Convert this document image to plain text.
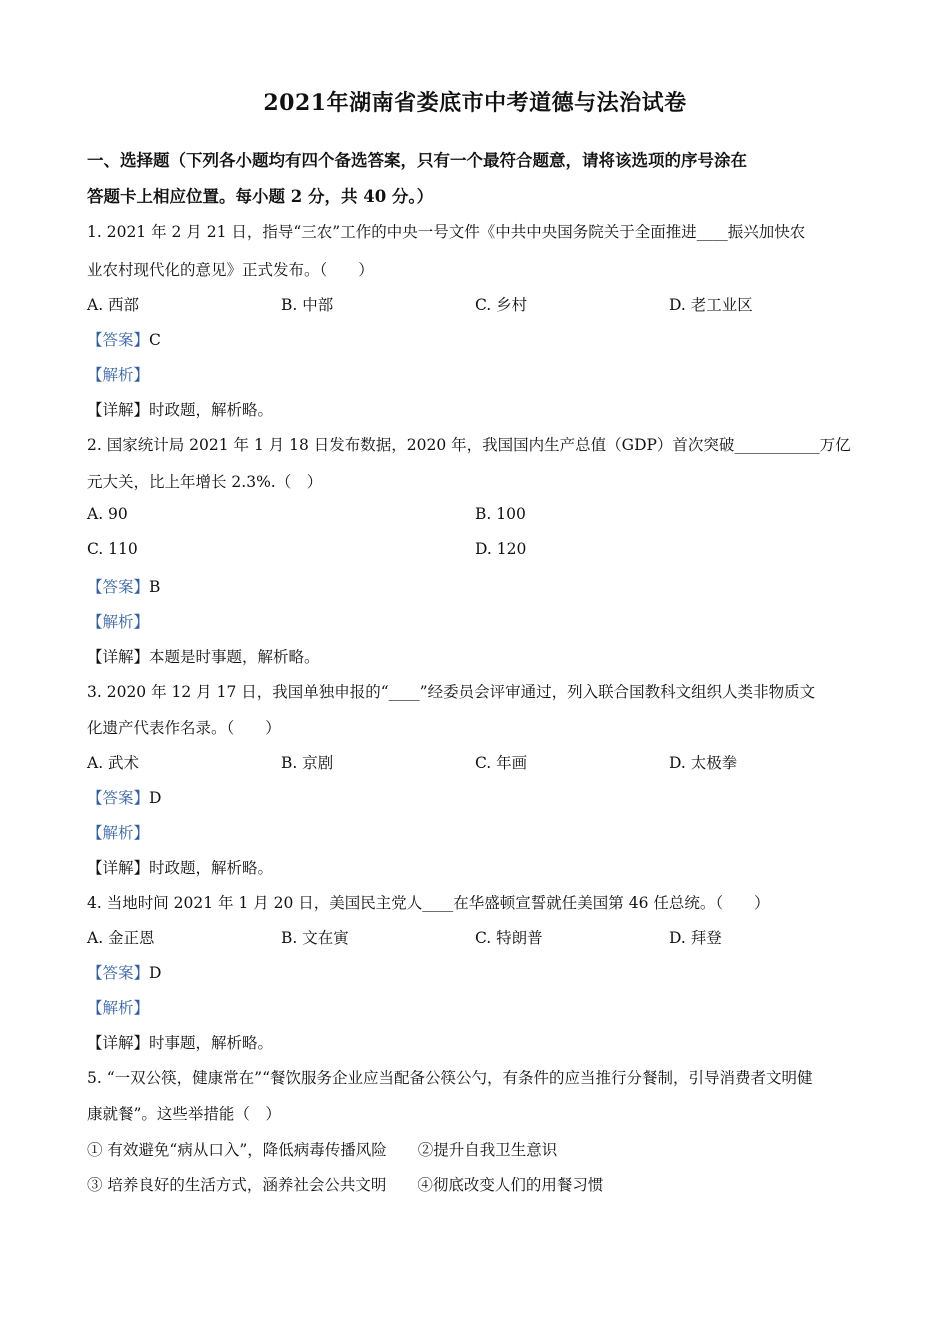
2021年湖南省娄底市中考道德与法治试卷
一、选择题（下列各小题均有四个备选答案，只有一个最符合题意，请将该选项的序号涂在
答题卡上相应位置。每小题 2 分，共 40 分。）
1. 2021 年 2 月 21 日，指导“三农”工作的中央一号文件《中共中央国务院关于全面推进____振兴加快农
业农村现代化的意见》正式发布。（　　）
A. 西部	B. 中部	C. 乡村	D. 老工业区
【答案】C
【解析】
【详解】时政题，解析略。
2. 国家统计局 2021 年 1 月 18 日发布数据，2020 年，我国国内生产总值（GDP）首次突破___________万亿
元大关，比上年增长 2.3%.（　）
A. 90	B. 100
C. 110	D. 120
【答案】B
【解析】
【详解】本题是时事题，解析略。
3. 2020 年 12 月 17 日，我国单独申报的“____”经委员会评审通过，列入联合国教科文组织人类非物质文
化遗产代表作名录。（　　）
A. 武术	B. 京剧	C. 年画	D. 太极拳
【答案】D
【解析】
【详解】时政题，解析略。
4. 当地时间 2021 年 1 月 20 日，美国民主党人____在华盛顿宣誓就任美国第 46 任总统。（　　）
A. 金正恩	B. 文在寅	C. 特朗普	D. 拜登
【答案】D
【解析】
【详解】时事题，解析略。
5. “一双公筷，健康常在”“餐饮服务企业应当配备公筷公勺，有条件的应当推行分餐制，引导消费者文明健
康就餐”。这些举措能（　）
① 有效避免“病从口入”，降低病毒传播风险　　②提升自我卫生意识
③ 培养良好的生活方式，涵养社会公共文明　　④彻底改变人们的用餐习惯
